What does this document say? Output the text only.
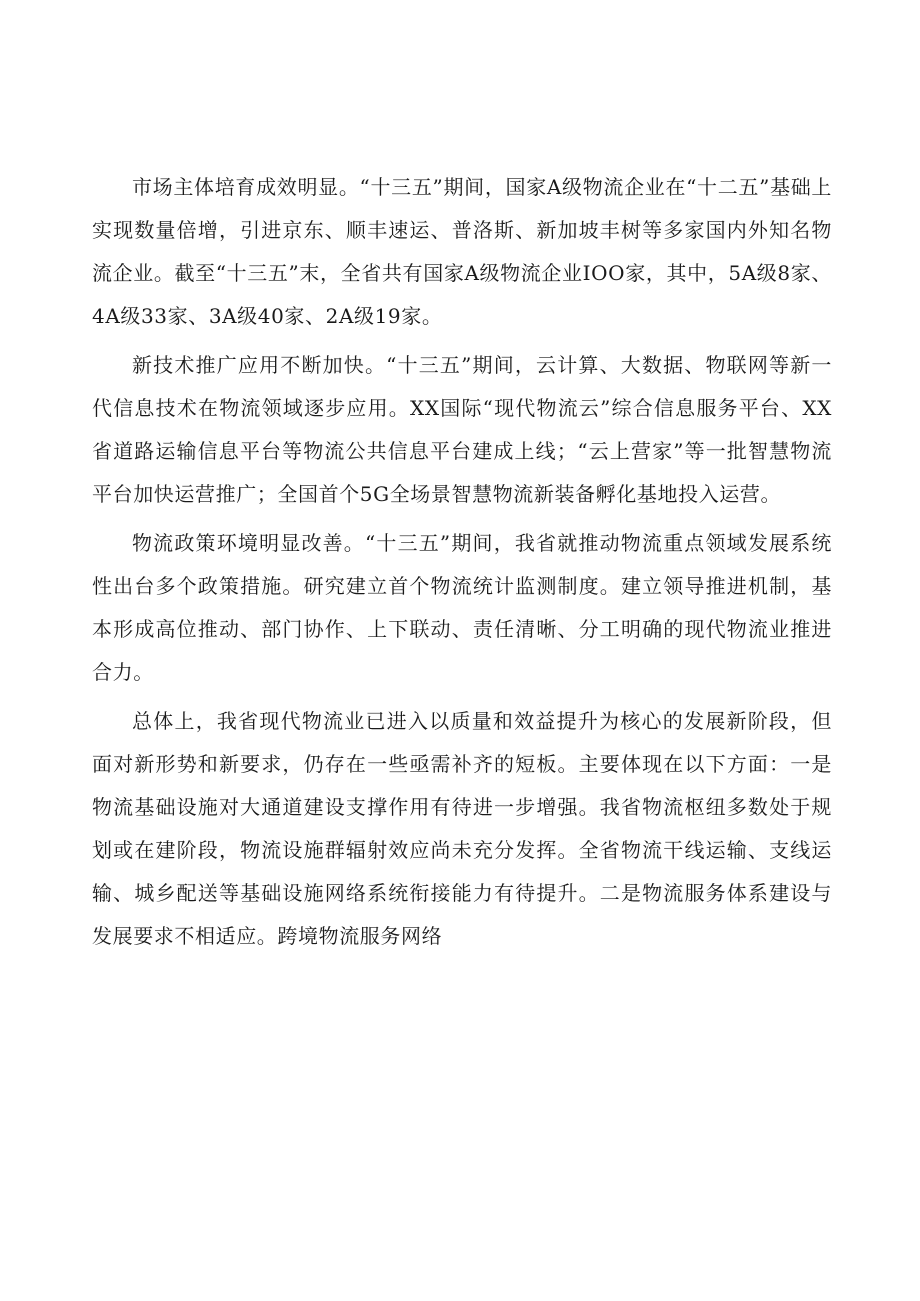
市场主体培育成效明显。“十三五”期间，国家A级物流企业在“十二五”基础上实现数量倍增，引进京东、顺丰速运、普洛斯、新加坡丰树等多家国内外知名物流企业。截至“十三五”末，全省共有国家A级物流企业IOO家，其中，5A级8家、4A级33家、3A级40家、2A级19家。

新技术推广应用不断加快。“十三五”期间，云计算、大数据、物联网等新一代信息技术在物流领域逐步应用。XX国际“现代物流云”综合信息服务平台、XX省道路运输信息平台等物流公共信息平台建成上线；“云上营家”等一批智慧物流平台加快运营推广；全国首个5G全场景智慧物流新装备孵化基地投入运营。

物流政策环境明显改善。“十三五”期间，我省就推动物流重点领域发展系统性出台多个政策措施。研究建立首个物流统计监测制度。建立领导推进机制，基本形成高位推动、部门协作、上下联动、责任清晰、分工明确的现代物流业推进合力。

总体上，我省现代物流业已进入以质量和效益提升为核心的发展新阶段，但面对新形势和新要求，仍存在一些亟需补齐的短板。主要体现在以下方面：一是物流基础设施对大通道建设支撑作用有待进一步增强。我省物流枢纽多数处于规划或在建阶段，物流设施群辐射效应尚未充分发挥。全省物流干线运输、支线运输、城乡配送等基础设施网络系统衔接能力有待提升。二是物流服务体系建设与发展要求不相适应。跨境物流服务网络
